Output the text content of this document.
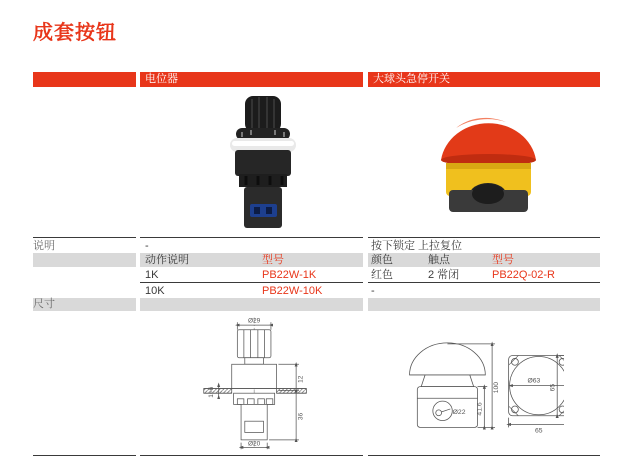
成套按钮
电位器	大球头急停开关
说明	-	按下锁定 上拉复位
动作说明	型号	颜色	触点	型号
1K	PB22W-1K	红色	2 常闭	PB22Q-02-R
10K	PB22W-10K	-
尺寸
Ø29
Ø20
12
36
1~6
Ø22
100
41.6
Ø63
65
65
